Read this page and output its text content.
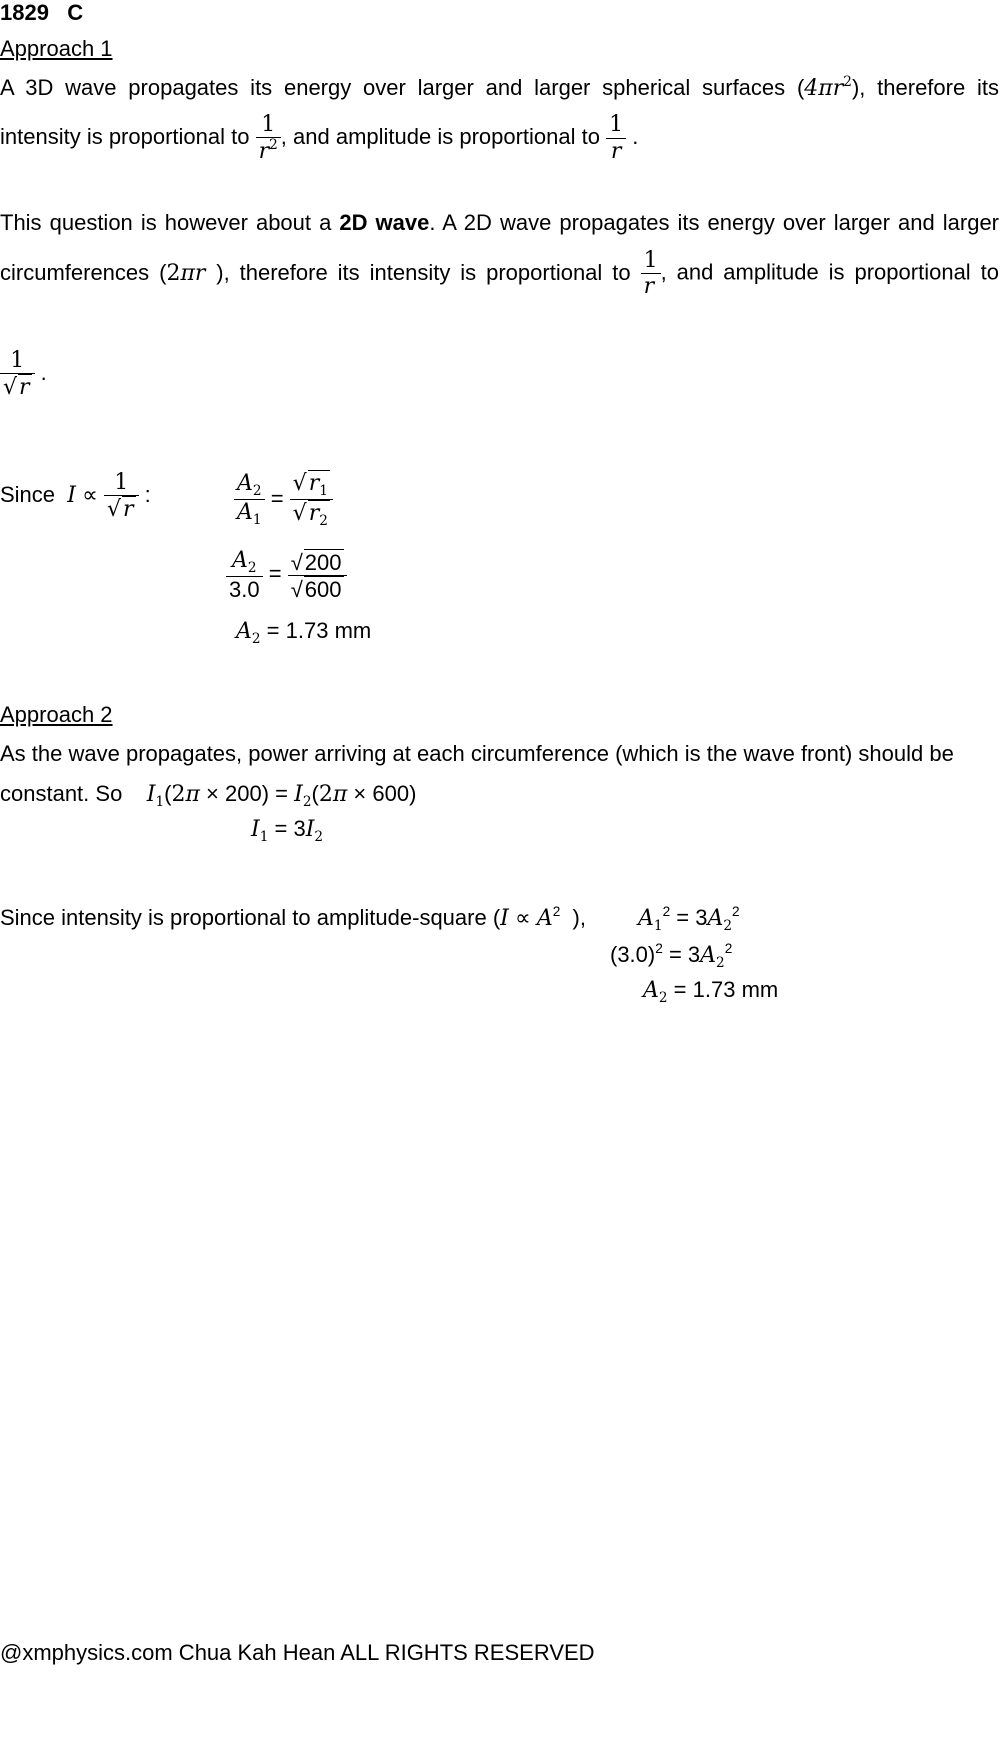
1829 C
Approach 1
A 3D wave propagates its energy over larger and larger spherical surfaces $(4\pi r^2)$, therefore its
intensity is proportional to $\frac{1}{r^2}$ , and amplitude is proportional to $\frac{1}{r}$ .
This question is however about a 2D wave. A 2D wave propagates its energy over larger and larger
circumferences (2πr ), therefore its intensity is proportional to $\frac{1}{r}$ , and amplitude is proportional to
$\frac{1}{√r}$ .
Since $I \propto \frac{1}{√r}$ :	$\frac{A_2}{A_1} = \frac{√r_1}{√r_2}$
$\frac{A_2}{3.0} = \frac{√200}{√600}$
$A_2 = 1.73$ mm
Approach 2
As the wave propagates, power arriving at each circumference (which is the wave front) should be
constant. So $I_1(2\pi \times 200) = I_2(2\pi \times 600)$
$I_1 = 3I_2$
Since intensity is proportional to amplitude-square ($I \propto A^2$ ), $A_1^2 = 3A_2^2$
$(3.0)^2 = 3A_2^2$
$A_2 = 1.73$ mm
@xmphysics.com Chua Kah Hean ALL RIGHTS RESERVED
